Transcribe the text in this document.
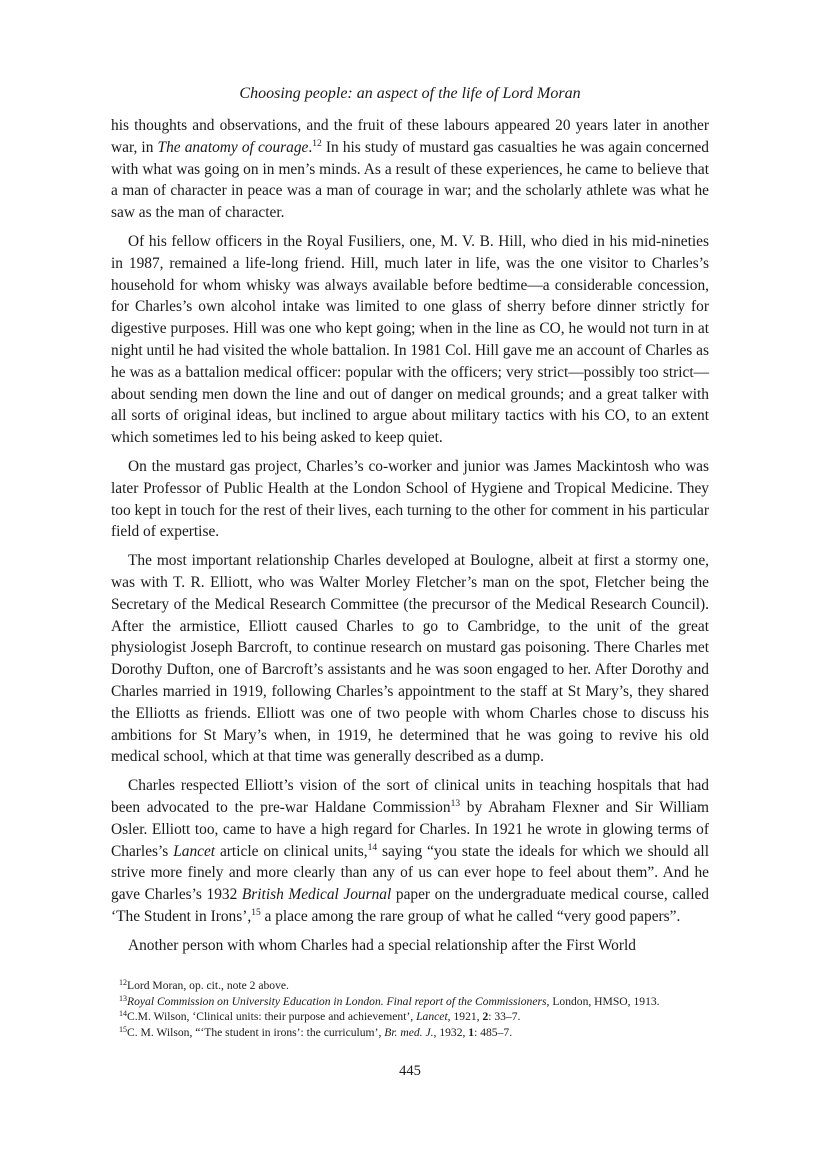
Choosing people: an aspect of the life of Lord Moran

his thoughts and observations, and the fruit of these labours appeared 20 years later in another war, in The anatomy of courage.$^{12}$ In his study of mustard gas casualties he was again concerned with what was going on in men’s minds. As a result of these experiences, he came to believe that a man of character in peace was a man of courage in war; and the scholarly athlete was what he saw as the man of character.

Of his fellow officers in the Royal Fusiliers, one, M. V. B. Hill, who died in his mid-nineties in 1987, remained a life-long friend. Hill, much later in life, was the one visitor to Charles’s household for whom whisky was always available before bedtime—a considerable concession, for Charles’s own alcohol intake was limited to one glass of sherry before dinner strictly for digestive purposes. Hill was one who kept going; when in the line as CO, he would not turn in at night until he had visited the whole battalion. In 1981 Col. Hill gave me an account of Charles as he was as a battalion medical officer: popular with the officers; very strict—possibly too strict—about sending men down the line and out of danger on medical grounds; and a great talker with all sorts of original ideas, but inclined to argue about military tactics with his CO, to an extent which sometimes led to his being asked to keep quiet.

On the mustard gas project, Charles’s co-worker and junior was James Mackintosh who was later Professor of Public Health at the London School of Hygiene and Tropical Medicine. They too kept in touch for the rest of their lives, each turning to the other for comment in his particular field of expertise.

The most important relationship Charles developed at Boulogne, albeit at first a stormy one, was with T. R. Elliott, who was Walter Morley Fletcher’s man on the spot, Fletcher being the Secretary of the Medical Research Committee (the precursor of the Medical Research Council). After the armistice, Elliott caused Charles to go to Cambridge, to the unit of the great physiologist Joseph Barcroft, to continue research on mustard gas poisoning. There Charles met Dorothy Dufton, one of Barcroft’s assistants and he was soon engaged to her. After Dorothy and Charles married in 1919, following Charles’s appointment to the staff at St Mary’s, they shared the Elliotts as friends. Elliott was one of two people with whom Charles chose to discuss his ambitions for St Mary’s when, in 1919, he determined that he was going to revive his old medical school, which at that time was generally described as a dump.

Charles respected Elliott’s vision of the sort of clinical units in teaching hospitals that had been advocated to the pre-war Haldane Commission$^{13}$ by Abraham Flexner and Sir William Osler. Elliott too, came to have a high regard for Charles. In 1921 he wrote in glowing terms of Charles’s Lancet article on clinical units,$^{14}$ saying “you state the ideals for which we should all strive more finely and more clearly than any of us can ever hope to feel about them”. And he gave Charles’s 1932 British Medical Journal paper on the undergraduate medical course, called ‘The Student in Irons’,$^{15}$ a place among the rare group of what he called “very good papers”.

Another person with whom Charles had a special relationship after the First World

$^{12}$Lord Moran, op. cit., note 2 above.

$^{13}$Royal Commission on University Education in London. Final report of the Commissioners, London, HMSO, 1913.

$^{14}$C.M. Wilson, ‘Clinical units: their purpose and achievement’, Lancet, 1921, 2: 33–7.

$^{15}$C. M. Wilson, “‘The student in irons’: the curriculum’, Br. med. J., 1932, 1: 485–7.

445
